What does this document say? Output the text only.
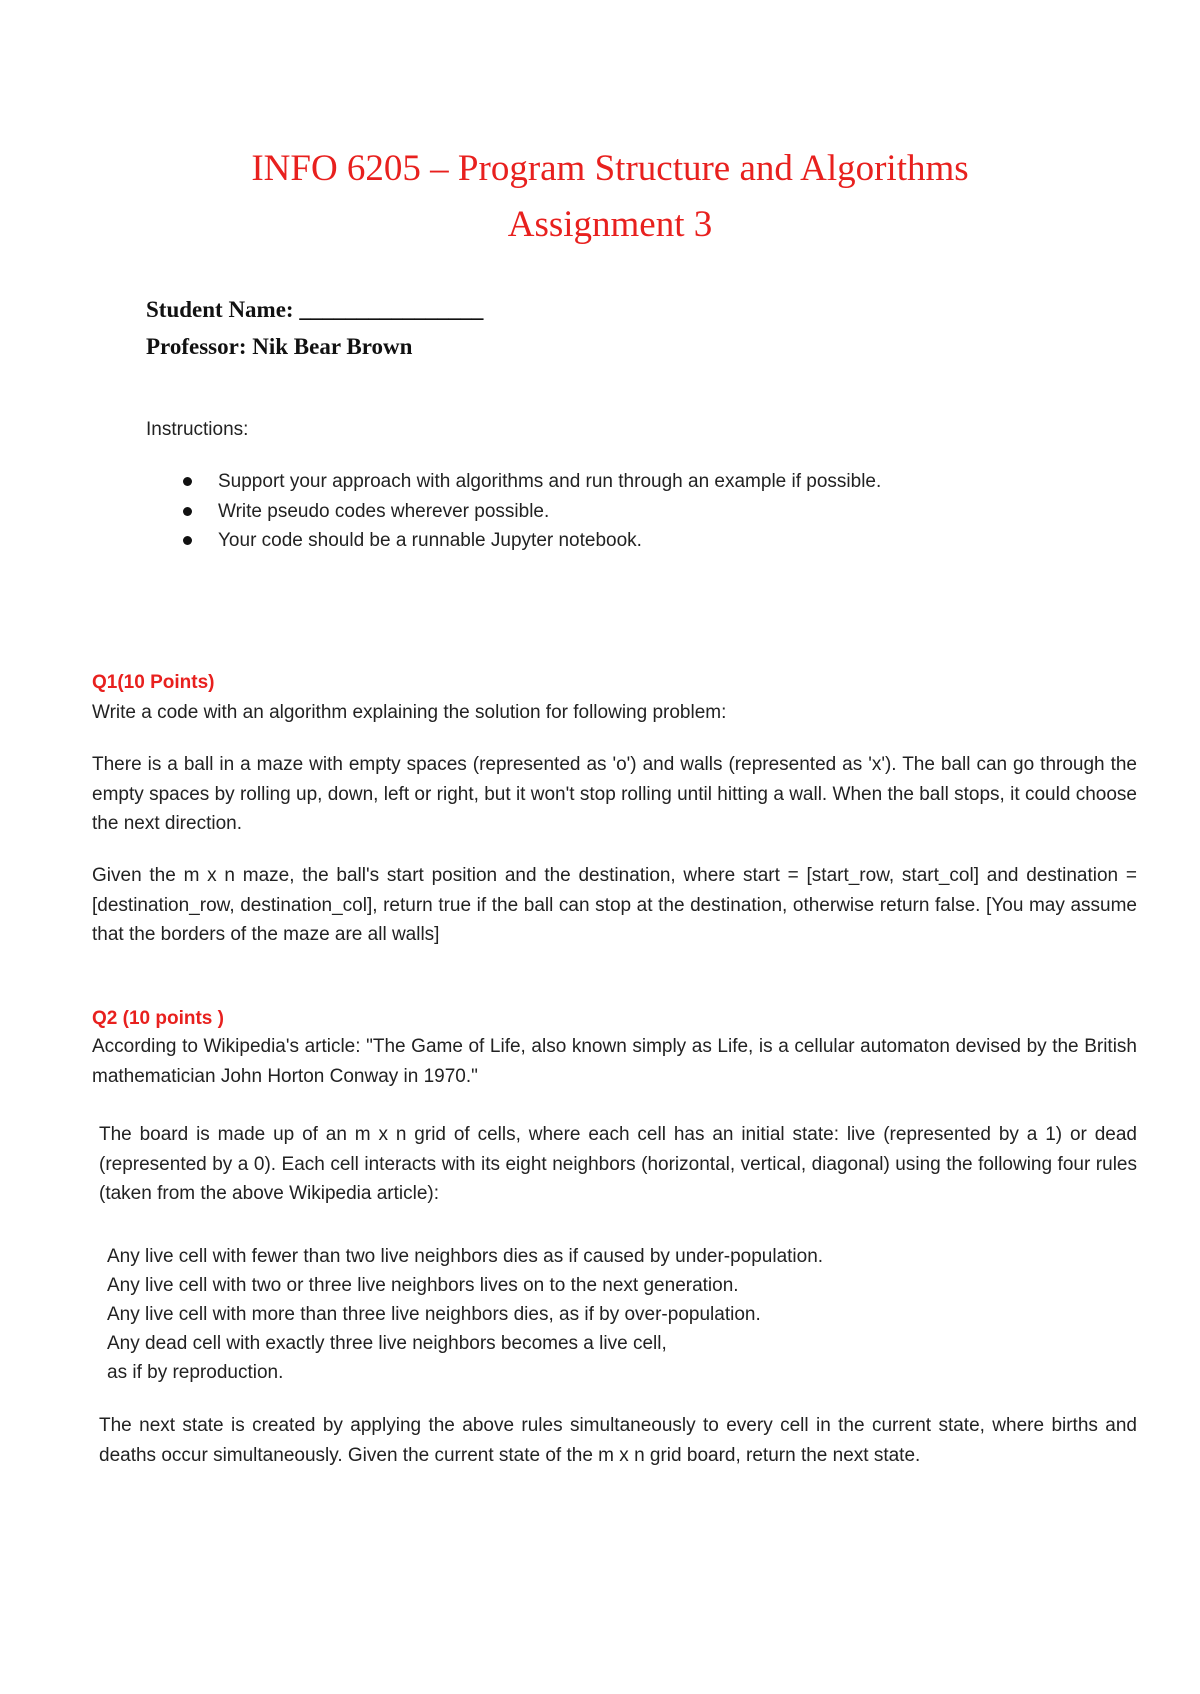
INFO 6205 – Program Structure and Algorithms
Assignment 3
Student Name: ________________
Professor: Nik Bear Brown
Instructions:
Support your approach with algorithms and run through an example if possible.
Write pseudo codes wherever possible.
Your code should be a runnable Jupyter notebook.
Q1(10 Points)
Write a code with an algorithm explaining the solution for following problem:

There is a ball in a maze with empty spaces (represented as 'o') and walls (represented as 'x'). The ball can go through the empty spaces by rolling up, down, left or right, but it won't stop rolling until hitting a wall. When the ball stops, it could choose the next direction.

Given the m x n maze, the ball's start position and the destination, where start = [start_row, start_col] and destination = [destination_row, destination_col], return true if the ball can stop at the destination, otherwise return false. [You may assume that the borders of the maze are all walls]

Q2 (10 points )

According to Wikipedia's article: "The Game of Life, also known simply as Life, is a cellular automaton devised by the British mathematician John Horton Conway in 1970."

The board is made up of an m x n grid of cells, where each cell has an initial state: live (represented by a 1) or dead (represented by a 0). Each cell interacts with its eight neighbors (horizontal, vertical, diagonal) using the following four rules (taken from the above Wikipedia article):

Any live cell with fewer than two live neighbors dies as if caused by under-population.
Any live cell with two or three live neighbors lives on to the next generation.
Any live cell with more than three live neighbors dies, as if by over-population.
Any dead cell with exactly three live neighbors becomes a live cell,
as if by reproduction.

The next state is created by applying the above rules simultaneously to every cell in the current state, where births and deaths occur simultaneously. Given the current state of the m x n grid board, return the next state.
